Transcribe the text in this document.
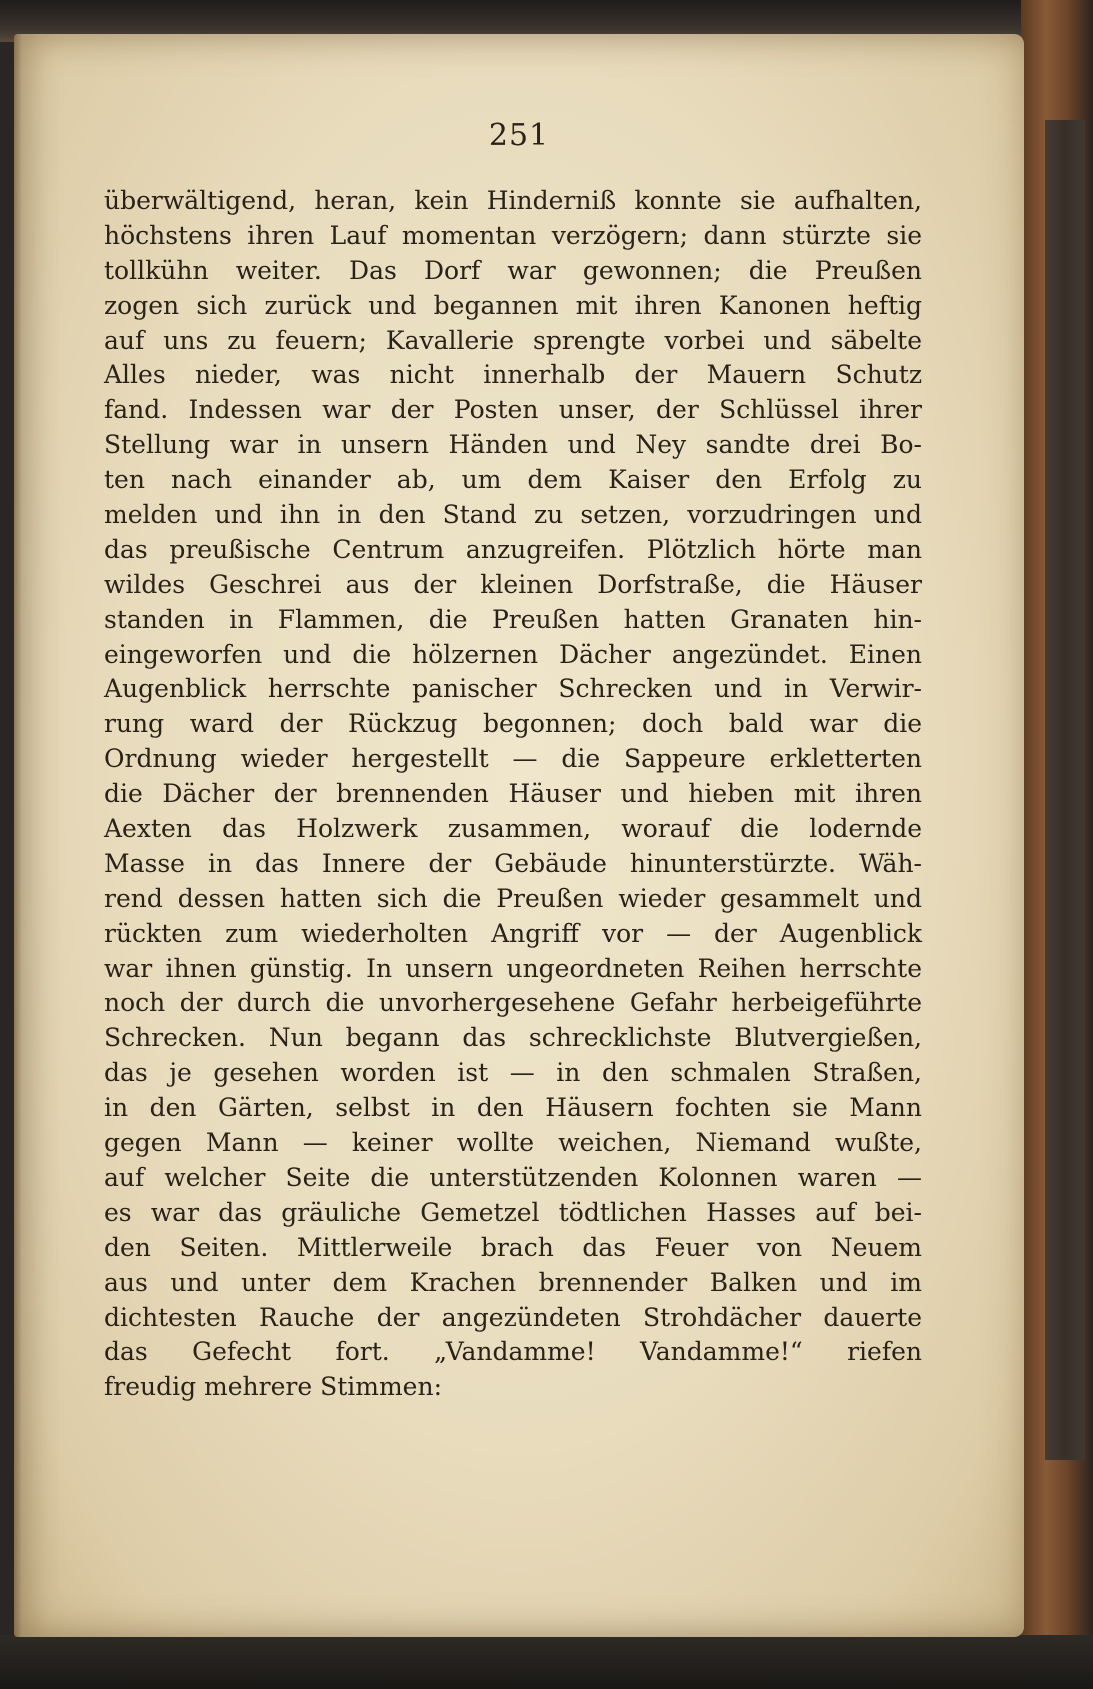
251
überwältigend, heran, kein Hinderniß konnte sie aufhalten,
höchstens ihren Lauf momentan verzögern; dann stürzte sie
tollkühn weiter. Das Dorf war gewonnen; die Preußen
zogen sich zurück und begannen mit ihren Kanonen heftig
auf uns zu feuern; Kavallerie sprengte vorbei und säbelte
Alles nieder, was nicht innerhalb der Mauern Schutz
fand. Indessen war der Posten unser, der Schlüssel ihrer
Stellung war in unsern Händen und Ney sandte drei Bo-
ten nach einander ab, um dem Kaiser den Erfolg zu
melden und ihn in den Stand zu setzen, vorzudringen und
das preußische Centrum anzugreifen. Plötzlich hörte man
wildes Geschrei aus der kleinen Dorfstraße, die Häuser
standen in Flammen, die Preußen hatten Granaten hin-
eingeworfen und die hölzernen Dächer angezündet. Einen
Augenblick herrschte panischer Schrecken und in Verwir-
rung ward der Rückzug begonnen; doch bald war die
Ordnung wieder hergestellt — die Sappeure erkletterten
die Dächer der brennenden Häuser und hieben mit ihren
Aexten das Holzwerk zusammen, worauf die lodernde
Masse in das Innere der Gebäude hinunterstürzte. Wäh-
rend dessen hatten sich die Preußen wieder gesammelt und
rückten zum wiederholten Angriff vor — der Augenblick
war ihnen günstig. In unsern ungeordneten Reihen herrschte
noch der durch die unvorhergesehene Gefahr herbeigeführte
Schrecken. Nun begann das schrecklichste Blutvergießen,
das je gesehen worden ist — in den schmalen Straßen,
in den Gärten, selbst in den Häusern fochten sie Mann
gegen Mann — keiner wollte weichen, Niemand wußte,
auf welcher Seite die unterstützenden Kolonnen waren —
es war das gräuliche Gemetzel tödtlichen Hasses auf bei-
den Seiten. Mittlerweile brach das Feuer von Neuem
aus und unter dem Krachen brennender Balken und im
dichtesten Rauche der angezündeten Strohdächer dauerte
das Gefecht fort. „Vandamme! Vandamme!“ riefen
freudig mehrere Stimmen:
